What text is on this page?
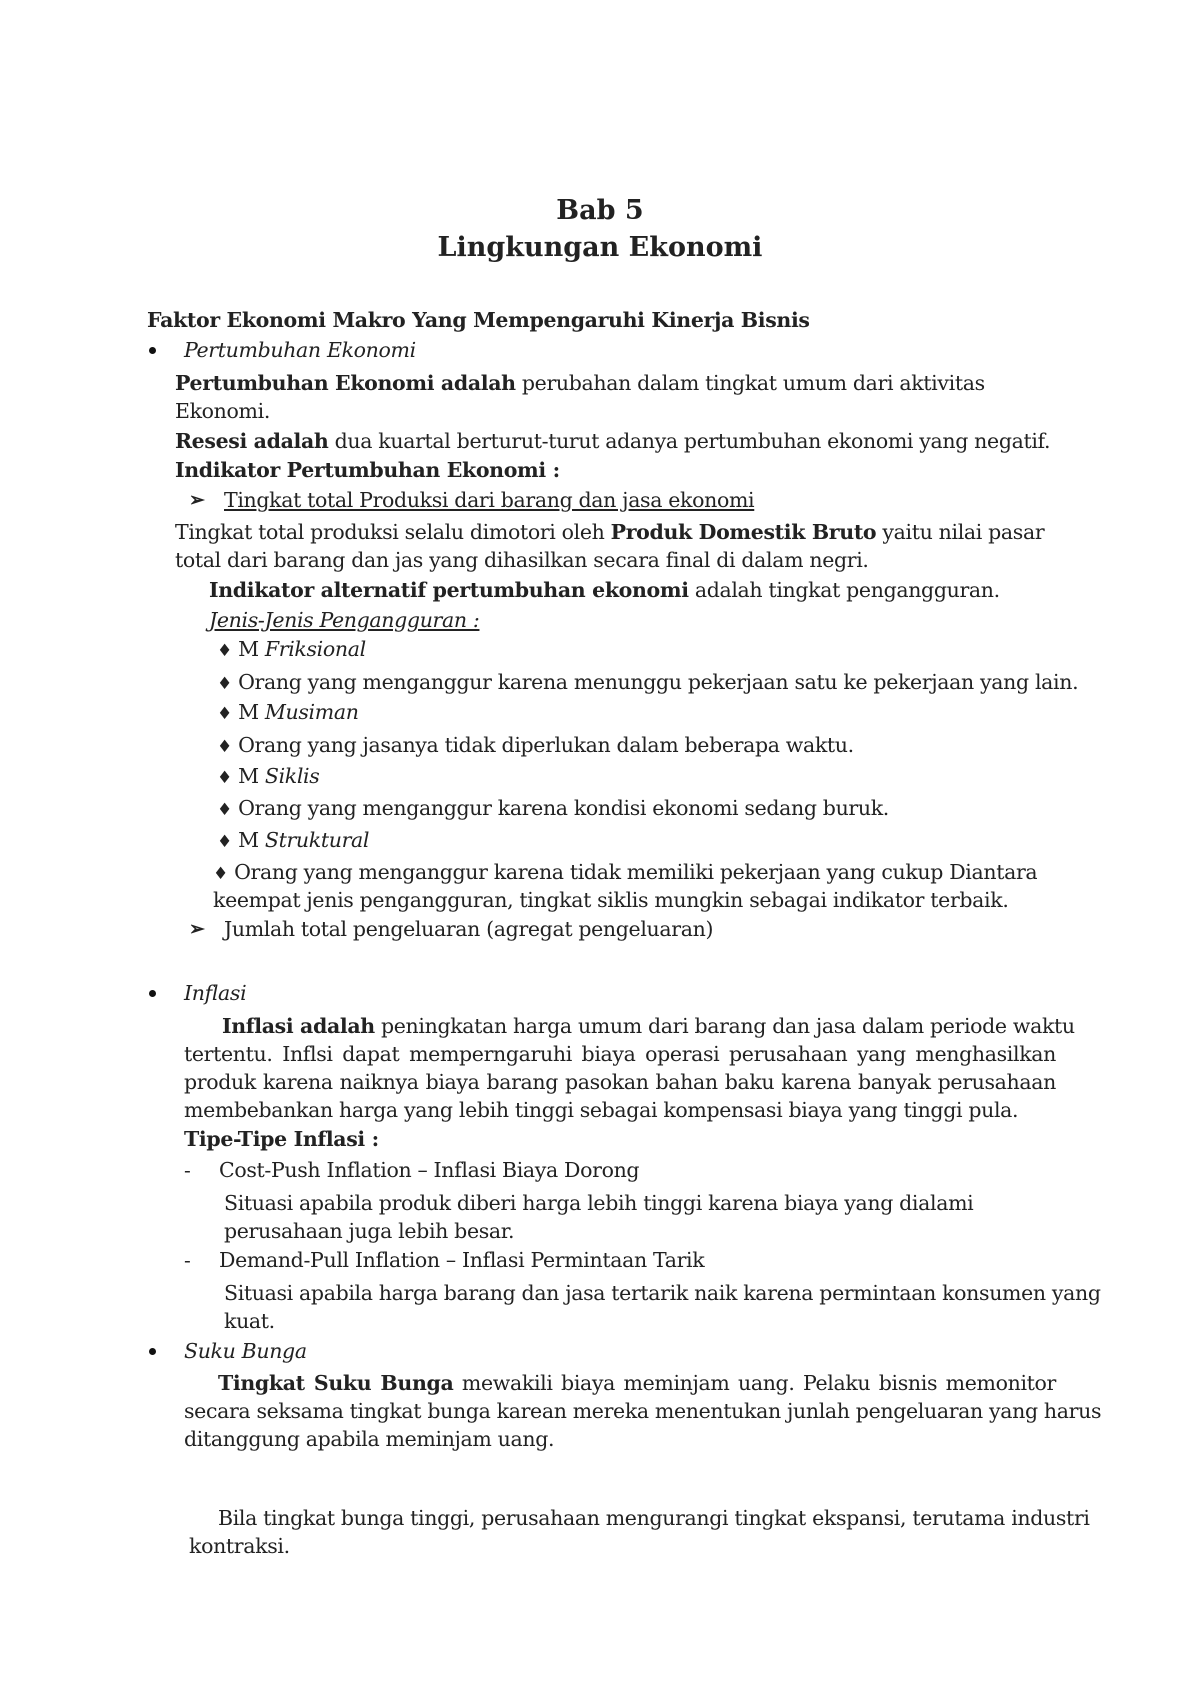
Bab 5
Lingkungan Ekonomi
Faktor Ekonomi Makro Yang Mempengaruhi Kinerja Bisnis
Pertumbuhan Ekonomi
Pertumbuhan Ekonomi adalah perubahan dalam tingkat umum dari aktivitas
Ekonomi.
Resesi adalah dua kuartal berturut-turut adanya pertumbuhan ekonomi yang negatif.
Indikator Pertumbuhan Ekonomi :
➢ Tingkat total Produksi dari barang dan jasa ekonomi
Tingkat total produksi selalu dimotori oleh Produk Domestik Bruto yaitu nilai pasar
total dari barang dan jas yang dihasilkan secara final di dalam negri.
Indikator alternatif pertumbuhan ekonomi adalah tingkat pengangguran.
Jenis-Jenis Pengangguran :
♦ M Friksional
♦ Orang yang menganggur karena menunggu pekerjaan satu ke pekerjaan yang lain.
♦ M Musiman
♦ Orang yang jasanya tidak diperlukan dalam beberapa waktu.
♦ M Siklis
♦ Orang yang menganggur karena kondisi ekonomi sedang buruk.
♦ M Struktural
♦ Orang yang menganggur karena tidak memiliki pekerjaan yang cukup Diantara
keempat jenis pengangguran, tingkat siklis mungkin sebagai indikator terbaik.
➢ Jumlah total pengeluaran (agregat pengeluaran)
Inflasi
Inflasi adalah peningkatan harga umum dari barang dan jasa dalam periode waktu
tertentu. Inflsi dapat memperngaruhi biaya operasi perusahaan yang menghasilkan
produk karena naiknya biaya barang pasokan bahan baku karena banyak perusahaan
membebankan harga yang lebih tinggi sebagai kompensasi biaya yang tinggi pula.
Tipe-Tipe Inflasi :
- Cost-Push Inflation – Inflasi Biaya Dorong
Situasi apabila produk diberi harga lebih tinggi karena biaya yang dialami
perusahaan juga lebih besar.
- Demand-Pull Inflation – Inflasi Permintaan Tarik
Situasi apabila harga barang dan jasa tertarik naik karena permintaan konsumen yang
kuat.
Suku Bunga
Tingkat Suku Bunga mewakili biaya meminjam uang. Pelaku bisnis memonitor
secara seksama tingkat bunga karean mereka menentukan junlah pengeluaran yang harus
ditanggung apabila meminjam uang.
Bila tingkat bunga tinggi, perusahaan mengurangi tingkat ekspansi, terutama industri
kontraksi.
